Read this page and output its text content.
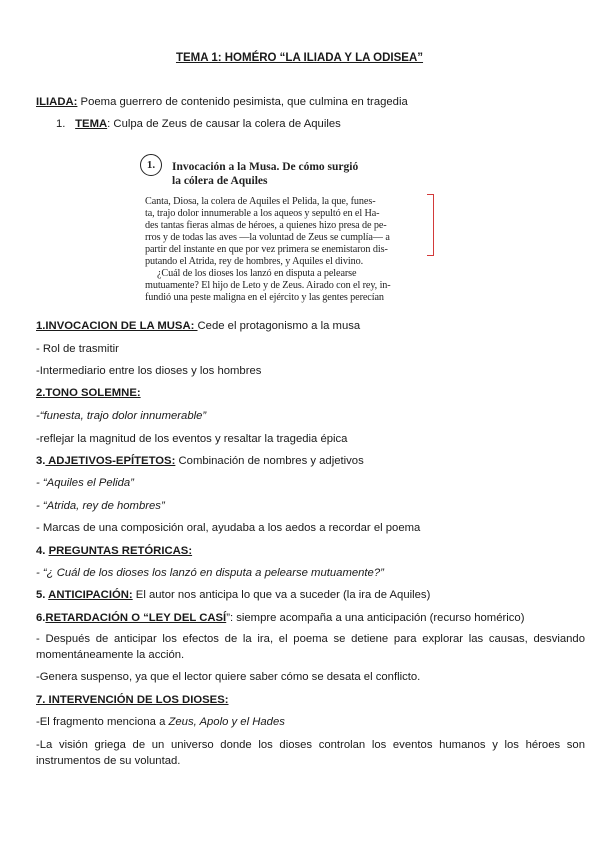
TEMA 1: HOMÉRO “LA ILIADA Y LA ODISEA”
ILIADA: Poema guerrero de contenido pesimista, que culmina en tragedia
1. TEMA: Culpa de Zeus de causar la colera de Aquiles
1.	Invocación a la Musa. De cómo surgió
la cólera de Aquiles
Canta, Diosa, la colera de Aquiles el Pelida, la que, funes-
ta, trajo dolor innumerable a los aqueos y sepultó en el Ha-
des tantas fieras almas de héroes, a quienes hizo presa de pe-
rros y de todas las aves —la voluntad de Zeus se cumplía— a
partir del instante en que por vez primera se enemistaron dis-
putando el Atrida, rey de hombres, y Aquiles el divino.
¿Cuál de los dioses los lanzó en disputa a pelearse
mutuamente? El hijo de Leto y de Zeus. Airado con el rey, in-
fundió una peste maligna en el ejército y las gentes perecían
1.INVOCACION DE LA MUSA: Cede el protagonismo a la musa
- Rol de trasmitir
-Intermediario entre los dioses y los hombres
2.TONO SOLEMNE:
-“funesta, trajo dolor innumerable”
-reflejar la magnitud de los eventos y resaltar la tragedia épica
3. ADJETIVOS-EPÍTETOS: Combinación de nombres y adjetivos
- “Aquiles el Pelida”
- “Atrida, rey de hombres”
- Marcas de una composición oral, ayudaba a los aedos a recordar el poema
4. PREGUNTAS RETÓRICAS:
- “¿ Cuál de los dioses los lanzó en disputa a pelearse mutuamente?”
5. ANTICIPACIÓN: El autor nos anticipa lo que va a suceder (la ira de Aquiles)
6.RETARDACIÓN O “LEY DEL CASÍ”: siempre acompaña a una anticipación (recurso homérico)
- Después de anticipar los efectos de la ira, el poema se detiene para explorar las causas, desviando momentáneamente la acción.
-Genera suspenso, ya que el lector quiere saber cómo se desata el conflicto.
7. INTERVENCIÓN DE LOS DIOSES:
-El fragmento menciona a Zeus, Apolo y el Hades
-La visión griega de un universo donde los dioses controlan los eventos humanos y los héroes son instrumentos de su voluntad.
